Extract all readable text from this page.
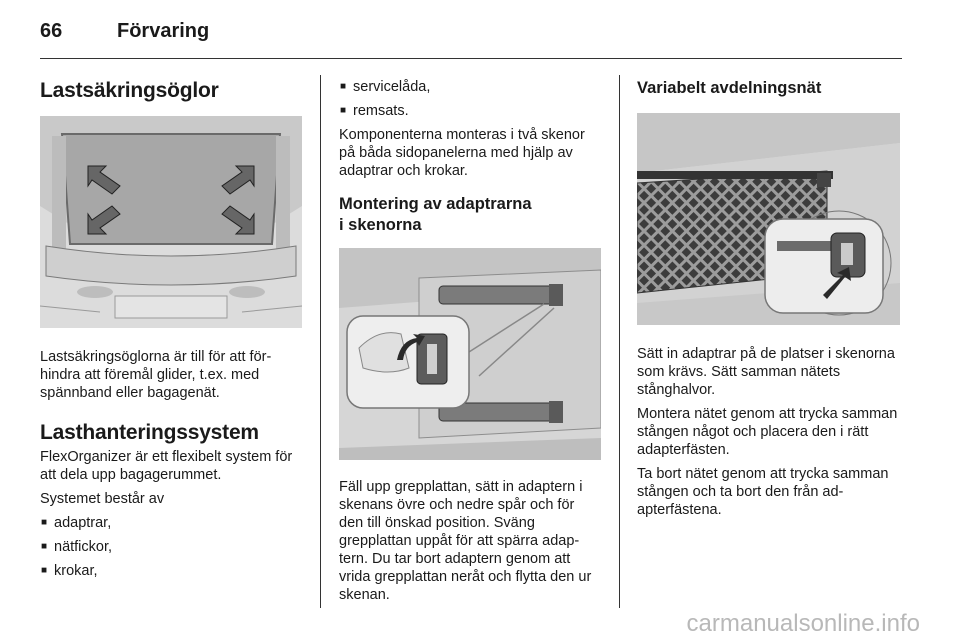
66	Förvaring
Lastsäkringsöglor

Lastsäkringsöglorna är till för att förhindra att föremål glider, t.ex. med spännband eller bagagenät.

Lasthanteringssystem

FlexOrganizer är ett flexibelt system för att dela upp bagagerummet.

Systemet består av

■ adaptrar,
■ nätfickor,
■ krokar,
■ servicelåda,
■ remsats.

Komponenterna monteras i två skenor på båda sidopanelerna med hjälp av adaptrar och krokar.

Montering av adaptrarna
i skenorna

Fäll upp grepplattan, sätt in adaptern i skenans övre och nedre spår och för den till önskad position. Sväng grepplattan uppåt för att spärra adaptern. Du tar bort adaptern genom att vrida grepplattan neråt och flytta den ur skenan.

Variabelt avdelningsnät

Sätt in adaptrar på de platser i skenorna som krävs. Sätt samman nätets stånghalvor.

Montera nätet genom att trycka samman stången något och placera den i rätt adapterfästen.

Ta bort nätet genom att trycka samman stången och ta bort den från adapterfästena.

carmanualsonline.info
